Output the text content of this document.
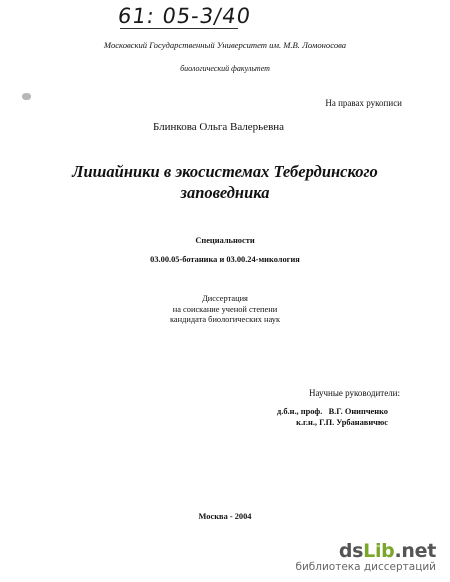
61: 05-3/40
Московский Государственный Университет им. М.В. Ломоносова
биологический факультет
На правах рукописи
Блинкова Ольга Валерьевна
Лишайники в экосистемах Тебердинского
заповедника
Специальности
03.00.05-ботаника и 03.00.24-микология
Диссертация
на соискание ученой степени
кандидата биологических наук
Научные руководители:
д.б.н., проф.   В.Г. Онипченко
к.г.н., Г.П. Урбанавичюс
Москва - 2004
dsLib.net
библиотека диссертаций
